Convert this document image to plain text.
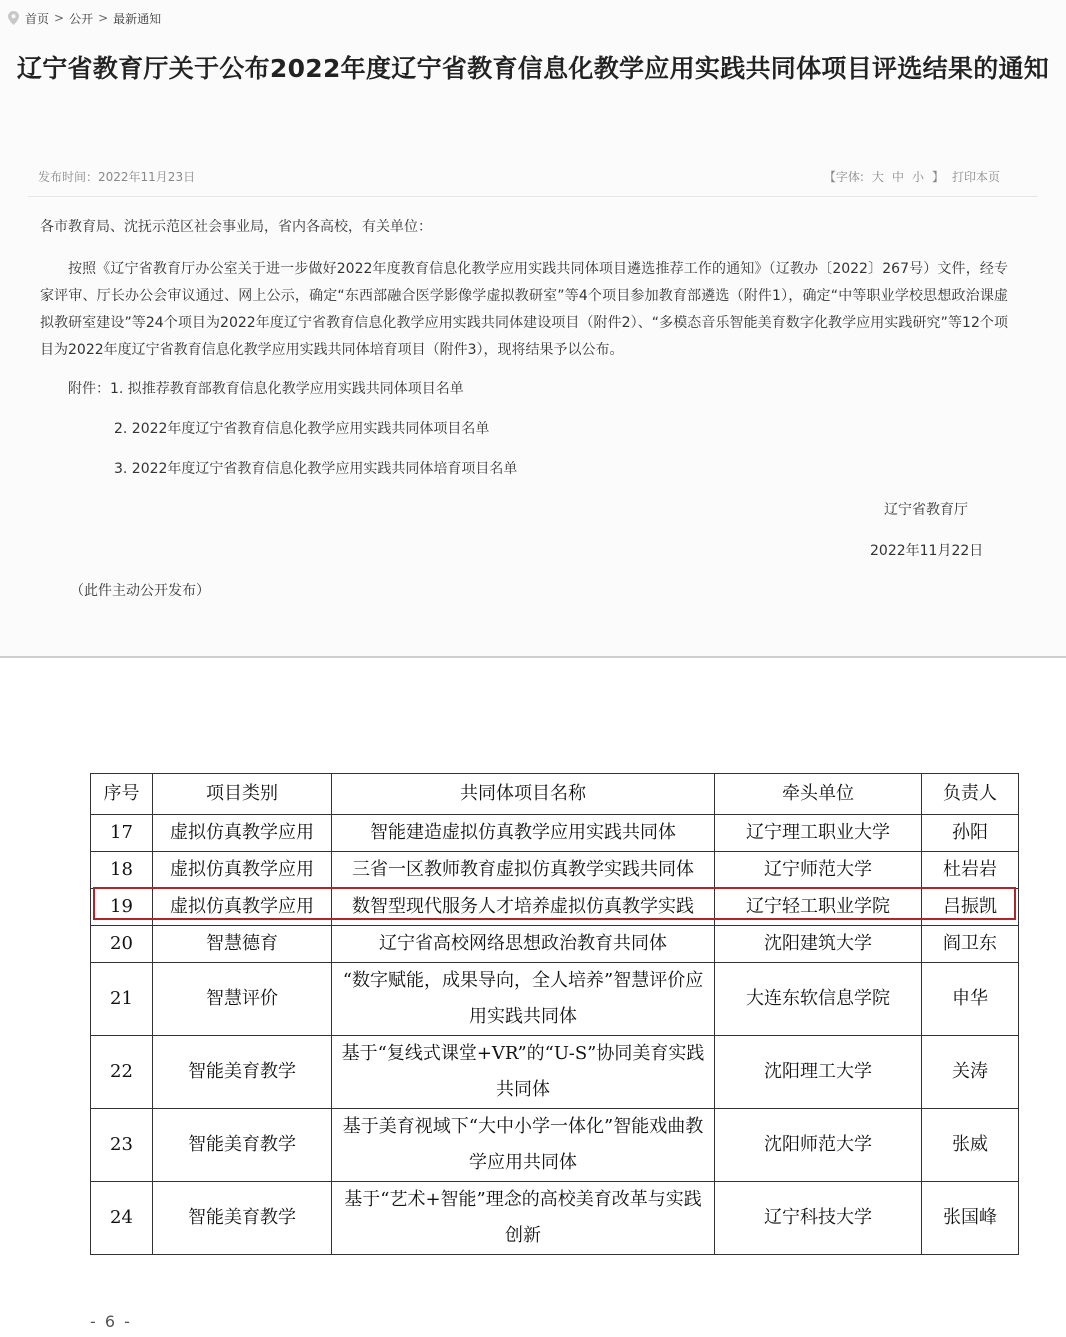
首页 > 公开 > 最新通知
辽宁省教育厅关于公布2022年度辽宁省教育信息化教学应用实践共同体项目评选结果的通知
发布时间：2022年11月23日	【字体: 大 中 小 】 打印本页
各市教育局、沈抚示范区社会事业局，省内各高校，有关单位：
按照《辽宁省教育厅办公室关于进一步做好2022年度教育信息化教学应用实践共同体项目遴选推荐工作的通知》（辽教办〔2022〕267号）文件，经专家评审、厅长办公会审议通过、网上公示，确定“东西部融合医学影像学虚拟教研室”等4个项目参加教育部遴选（附件1），确定“中等职业学校思想政治课虚拟教研室建设”等24个项目为2022年度辽宁省教育信息化教学应用实践共同体建设项目（附件2）、“多模态音乐智能美育数字化教学应用实践研究”等12个项目为2022年度辽宁省教育信息化教学应用实践共同体培育项目（附件3），现将结果予以公布。
附件：1. 拟推荐教育部教育信息化教学应用实践共同体项目名单
2. 2022年度辽宁省教育信息化教学应用实践共同体项目名单
3. 2022年度辽宁省教育信息化教学应用实践共同体培育项目名单
辽宁省教育厅
2022年11月22日
（此件主动公开发布）
序号	项目类别	共同体项目名称	牵头单位	负责人
17	虚拟仿真教学应用	智能建造虚拟仿真教学应用实践共同体	辽宁理工职业大学	孙阳
18	虚拟仿真教学应用	三省一区教师教育虚拟仿真教学实践共同体	辽宁师范大学	杜岩岩
19	虚拟仿真教学应用	数智型现代服务人才培养虚拟仿真教学实践	辽宁轻工职业学院	吕振凯
20	智慧德育	辽宁省高校网络思想政治教育共同体	沈阳建筑大学	阎卫东
21	智慧评价	“数字赋能，成果导向，全人培养”智慧评价应用实践共同体	大连东软信息学院	申华
22	智能美育教学	基于“复线式课堂+VR”的“U-S”协同美育实践共同体	沈阳理工大学	关涛
23	智能美育教学	基于美育视域下“大中小学一体化”智能戏曲教学应用共同体	沈阳师范大学	张威
24	智能美育教学	基于“艺术+智能”理念的高校美育改革与实践创新	辽宁科技大学	张国峰
- 6 -
